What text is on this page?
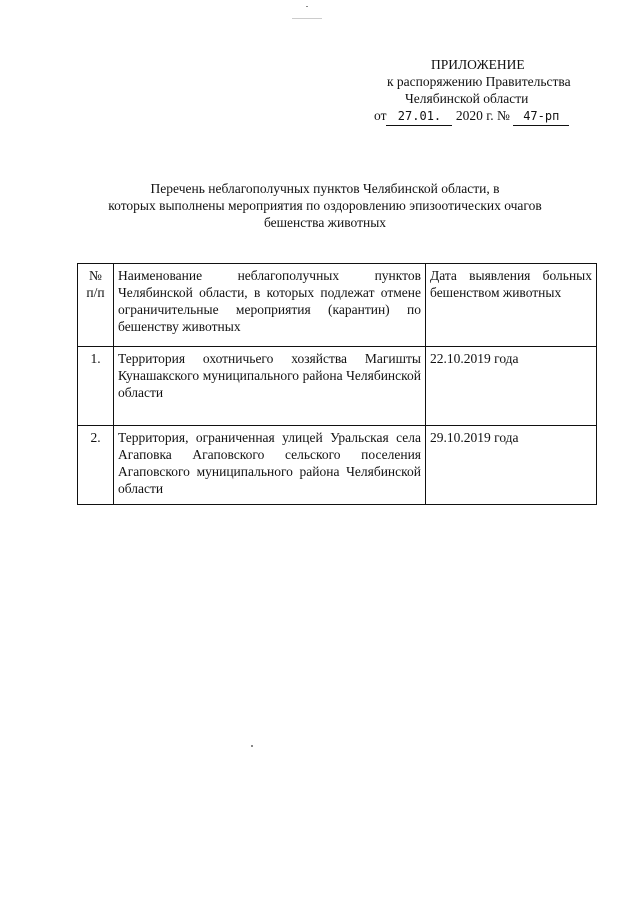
ПРИЛОЖЕНИЕ
к распоряжению Правительства
Челябинской области
от 27.01. 2020 г. № 47-рп
Перечень неблагополучных пунктов Челябинской области, в
которых выполнены мероприятия по оздоровлению эпизоотических очагов
бешенства животных
№ п/п	Наименование неблагополучных пунктов Челябинской области, в которых подлежат отмене ограничительные мероприятия (карантин) по бешенству животных	Дата выявления больных бешенством животных
1.	Территория охотничьего хозяйства Магишты Кунашакского муниципального района Челябинской области	22.10.2019 года
2.	Территория, ограниченная улицей Уральская села Агаповка Агаповского сельского поселения Агаповского муниципального района Челябинской области	29.10.2019 года
